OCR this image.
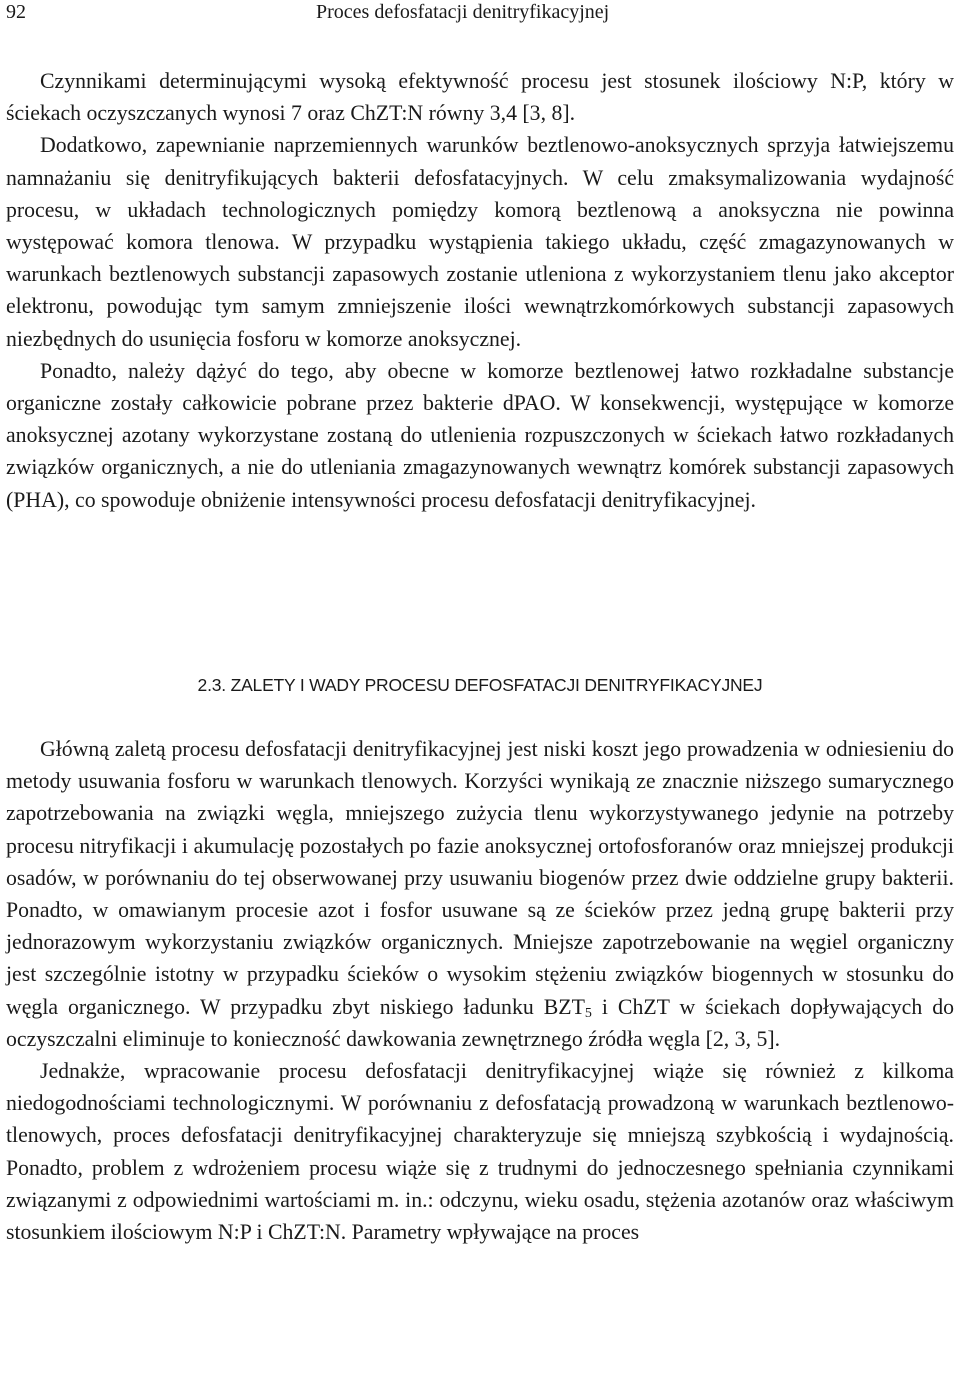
92	Proces defosfatacji denitryfikacyjnej

Czynnikami determinującymi wysoką efektywność procesu jest stosunek ilościowy N:P, który w ściekach oczyszczanych wynosi 7 oraz ChZT:N równy 3,4 [3, 8].

Dodatkowo, zapewnianie naprzemiennych warunków beztlenowo-anoksycznych sprzyja łatwiejszemu namnażaniu się denitryfikujących bakterii defosfatacyjnych. W celu zmaksymalizowania wydajność procesu, w układach technologicznych pomiędzy komorą beztlenową a anoksyczna nie powinna występować komora tlenowa. W przypadku wystąpienia takiego układu, część zmagazynowanych w warunkach beztlenowych substancji zapasowych zostanie utleniona z wykorzystaniem tlenu jako akceptor elektronu, powodując tym samym zmniejszenie ilości wewnątrzkomórkowych substancji zapasowych niezbędnych do usunięcia fosforu w komorze anoksycznej.

Ponadto, należy dążyć do tego, aby obecne w komorze beztlenowej łatwo rozkładalne substancje organiczne zostały całkowicie pobrane przez bakterie dPAO. W konsekwencji, występujące w komorze anoksycznej azotany wykorzystane zostaną do utlenienia rozpuszczonych w ściekach łatwo rozkładanych związków organicznych, a nie do utleniania zmagazynowanych wewnątrz komórek substancji zapasowych (PHA), co spowoduje obniżenie intensywności procesu defosfatacji denitryfikacyjnej.

2.3. ZALETY I WADY PROCESU DEFOSFATACJI DENITRYFIKACYJNEJ

Główną zaletą procesu defosfatacji denitryfikacyjnej jest niski koszt jego prowadzenia w odniesieniu do metody usuwania fosforu w warunkach tlenowych. Korzyści wynikają ze znacznie niższego sumarycznego zapotrzebowania na związki węgla, mniejszego zużycia tlenu wykorzystywanego jedynie na potrzeby procesu nitryfikacji i akumulację pozostałych po fazie anoksycznej ortofosforanów oraz mniejszej produkcji osadów, w porównaniu do tej obserwowanej przy usuwaniu biogenów przez dwie oddzielne grupy bakterii. Ponadto, w omawianym procesie azot i fosfor usuwane są ze ścieków przez jedną grupę bakterii przy jednorazowym wykorzystaniu związków organicznych. Mniejsze zapotrzebowanie na węgiel organiczny jest szczególnie istotny w przypadku ścieków o wysokim stężeniu związków biogennych w stosunku do węgla organicznego. W przypadku zbyt niskiego ładunku $BZT_5$ i ChZT w ściekach dopływających do oczyszczalni eliminuje to konieczność dawkowania zewnętrznego źródła węgla [2, 3, 5].

Jednakże, wpracowanie procesu defosfatacji denitryfikacyjnej wiąże się również z kilkoma niedogodnościami technologicznymi. W porównaniu z defosfatacją prowadzoną w warunkach beztlenowo-tlenowych, proces defosfatacji denitryfikacyjnej charakteryzuje się mniejszą szybkością i wydajnością. Ponadto, problem z wdrożeniem procesu wiąże się z trudnymi do jednoczesnego spełniania czynnikami związanymi z odpowiednimi wartościami m. in.: odczynu, wieku osadu, stężenia azotanów oraz właściwym stosunkiem ilościowym N:P i ChZT:N. Parametry wpływające na proces
